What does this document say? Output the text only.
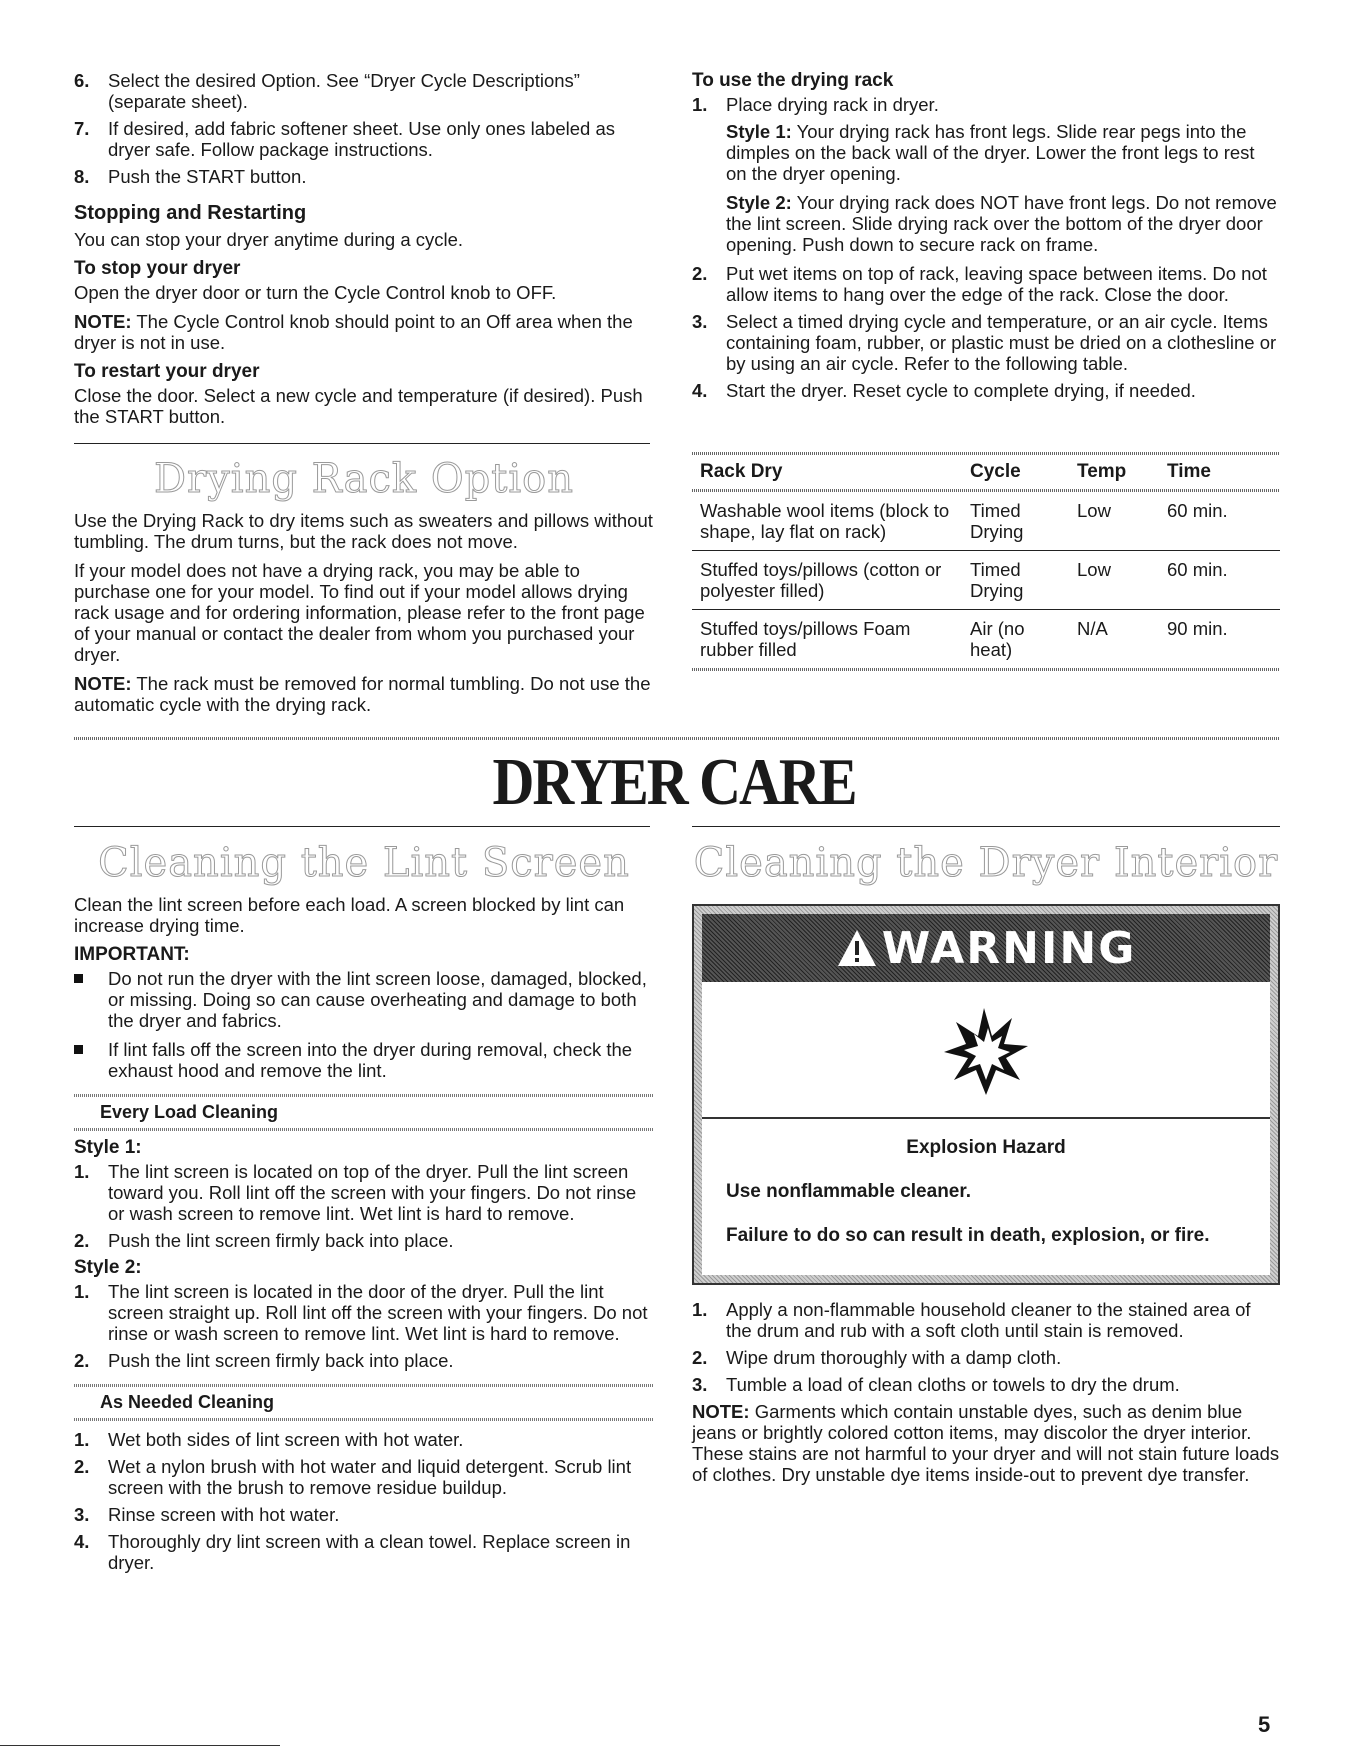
6. Select the desired Option. See “Dryer Cycle Descriptions” (separate sheet).
7. If desired, add fabric softener sheet. Use only ones labeled as dryer safe. Follow package instructions.
8. Push the START button.
Stopping and Restarting

You can stop your dryer anytime during a cycle.

To stop your dryer

Open the dryer door or turn the Cycle Control knob to OFF.

NOTE: The Cycle Control knob should point to an Off area when the dryer is not in use.

To restart your dryer

Close the door. Select a new cycle and temperature (if desired). Push the START button.

Drying Rack Option

Use the Drying Rack to dry items such as sweaters and pillows without tumbling. The drum turns, but the rack does not move.

If your model does not have a drying rack, you may be able to purchase one for your model. To find out if your model allows drying rack usage and for ordering information, please refer to the front page of your manual or contact the dealer from whom you purchased your dryer.

NOTE: The rack must be removed for normal tumbling. Do not use the automatic cycle with the drying rack.

To use the drying rack
1. Place drying rack in dryer.

Style 1: Your drying rack has front legs. Slide rear pegs into the dimples on the back wall of the dryer. Lower the front legs to rest on the dryer opening.

Style 2: Your drying rack does NOT have front legs. Do not remove the lint screen. Slide drying rack over the bottom of the dryer door opening. Push down to secure rack on frame.

2. Put wet items on top of rack, leaving space between items. Do not allow items to hang over the edge of the rack. Close the door.
3. Select a timed drying cycle and temperature, or an air cycle. Items containing foam, rubber, or plastic must be dried on a clothesline or by using an air cycle. Refer to the following table.
4. Start the dryer. Reset cycle to complete drying, if needed.
Rack Dry	Cycle	Temp	Time

Washable wool items (block to shape, lay flat on rack)	Timed Drying	Low	60 min.
Stuffed toys/pillows (cotton or polyester filled)	Timed Drying	Low	60 min.
Stuffed toys/pillows Foam rubber filled	Air (no heat)	N/A	90 min.
DRYER CARE
Cleaning the Lint Screen

Clean the lint screen before each load. A screen blocked by lint can increase drying time.

IMPORTANT:
Do not run the dryer with the lint screen loose, damaged, blocked, or missing. Doing so can cause overheating and damage to both the dryer and fabrics.
If lint falls off the screen into the dryer during removal, check the exhaust hood and remove the lint.
Every Load Cleaning
Style 1:
1. The lint screen is located on top of the dryer. Pull the lint screen toward you. Roll lint off the screen with your fingers. Do not rinse or wash screen to remove lint. Wet lint is hard to remove.
2. Push the lint screen firmly back into place.
Style 2:
1. The lint screen is located in the door of the dryer. Pull the lint screen straight up. Roll lint off the screen with your fingers. Do not rinse or wash screen to remove lint. Wet lint is hard to remove.
2. Push the lint screen firmly back into place.
As Needed Cleaning
1. Wet both sides of lint screen with hot water.
2. Wet a nylon brush with hot water and liquid detergent. Scrub lint screen with the brush to remove residue buildup.
3. Rinse screen with hot water.
4. Thoroughly dry lint screen with a clean towel. Replace screen in dryer.
Cleaning the Dryer Interior
WARNING
Explosion Hazard
Use nonflammable cleaner.
Failure to do so can result in death, explosion, or fire.
1. Apply a non-flammable household cleaner to the stained area of the drum and rub with a soft cloth until stain is removed.
2. Wipe drum thoroughly with a damp cloth.
3. Tumble a load of clean cloths or towels to dry the drum.

NOTE: Garments which contain unstable dyes, such as denim blue jeans or brightly colored cotton items, may discolor the dryer interior. These stains are not harmful to your dryer and will not stain future loads of clothes. Dry unstable dye items inside-out to prevent dye transfer.

5
